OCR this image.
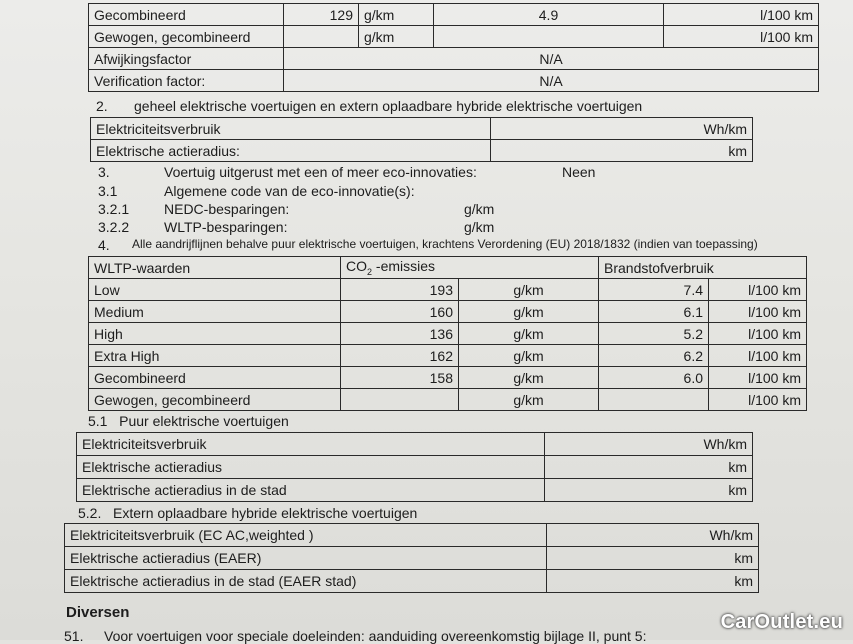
Gecombineerd	129	g/km	4.9	l/100 km
Gewogen, gecombineerd		g/km		l/100 km
Afwijkingsfactor	N/A			
Verification factor:	N/A			
2. geheel elektrische voertuigen en extern oplaadbare hybride elektrische voertuigen
Elektriciteitsverbruik	Wh/km
Elektrische actieradius:	km
3.	Voertuig uitgerust met een of meer eco-innovaties:	Neen
3.1	Algemene code van de eco-innovatie(s):
3.2.1 NEDC-besparingen:	g/km
3.2.2 WLTP-besparingen:	g/km
4. Alle aandrijflijnen behalve puur elektrische voertuigen, krachtens Verordening (EU) 2018/1832 (indien van toepassing)
WLTP-waarden	$CO_2$ -emissies		Brandstofverbruik	
Low	193	g/km	7.4	l/100 km
Medium	160	g/km	6.1	l/100 km
High	136	g/km	5.2	l/100 km
Extra High	162	g/km	6.2	l/100 km
Gecombineerd	158	g/km	6.0	l/100 km
Gewogen, gecombineerd		g/km		l/100 km
5.1   Puur elektrische voertuigen
Elektriciteitsverbruik	Wh/km
Elektrische actieradius	km
Elektrische actieradius in de stad	km
5.2.   Extern oplaadbare hybride elektrische voertuigen
Elektriciteitsverbruik (EC AC,weighted )	Wh/km
Elektrische actieradius (EAER)	km
Elektrische actieradius in de stad (EAER stad)	km
Diversen
51. Voor voertuigen voor speciale doeleinden: aanduiding overeenkomstig bijlage II, punt 5:
CarOutlet.eu
